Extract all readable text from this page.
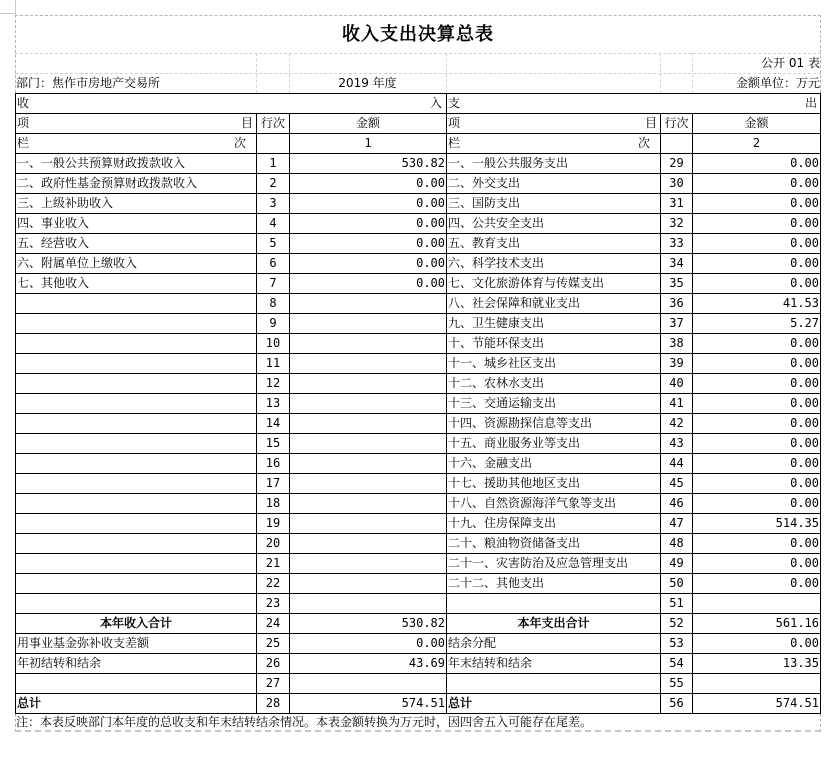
收入支出决算总表
公开 01 表
部门：焦作市房地产交易所	2019 年度	金额单位：万元
收 入			支 出		

项 目	行次	金额	项 目	行次	金额
栏 次		1	栏 次		2
一、一般公共预算财政拨款收入	1	530.82	一、一般公共服务支出	29	0.00
二、政府性基金预算财政拨款收入	2	0.00	二、外交支出	30	0.00
三、上级补助收入	3	0.00	三、国防支出	31	0.00
四、事业收入	4	0.00	四、公共安全支出	32	0.00
五、经营收入	5	0.00	五、教育支出	33	0.00
六、附属单位上缴收入	6	0.00	六、科学技术支出	34	0.00
七、其他收入	7	0.00	七、文化旅游体育与传媒支出	35	0.00
	8		八、社会保障和就业支出	36	41.53
	9		九、卫生健康支出	37	5.27
	10		十、节能环保支出	38	0.00
	11		十一、城乡社区支出	39	0.00
	12		十二、农林水支出	40	0.00
	13		十三、交通运输支出	41	0.00
	14		十四、资源勘探信息等支出	42	0.00
	15		十五、商业服务业等支出	43	0.00
	16		十六、金融支出	44	0.00
	17		十七、援助其他地区支出	45	0.00
	18		十八、自然资源海洋气象等支出	46	0.00
	19		十九、住房保障支出	47	514.35
	20		二十、粮油物资储备支出	48	0.00
	21		二十一、灾害防治及应急管理支出	49	0.00
	22		二十二、其他支出	50	0.00
	23			51	
本年收入合计	24	530.82	本年支出合计	52	561.16
用事业基金弥补收支差额	25	0.00	结余分配	53	0.00
年初结转和结余	26	43.69	年末结转和结余	54	13.35
	27			55	
总计	28	574.51	总计	56	574.51
注：本表反映部门本年度的总收支和年末结转结余情况。本表金额转换为万元时，因四舍五入可能存在尾差。
